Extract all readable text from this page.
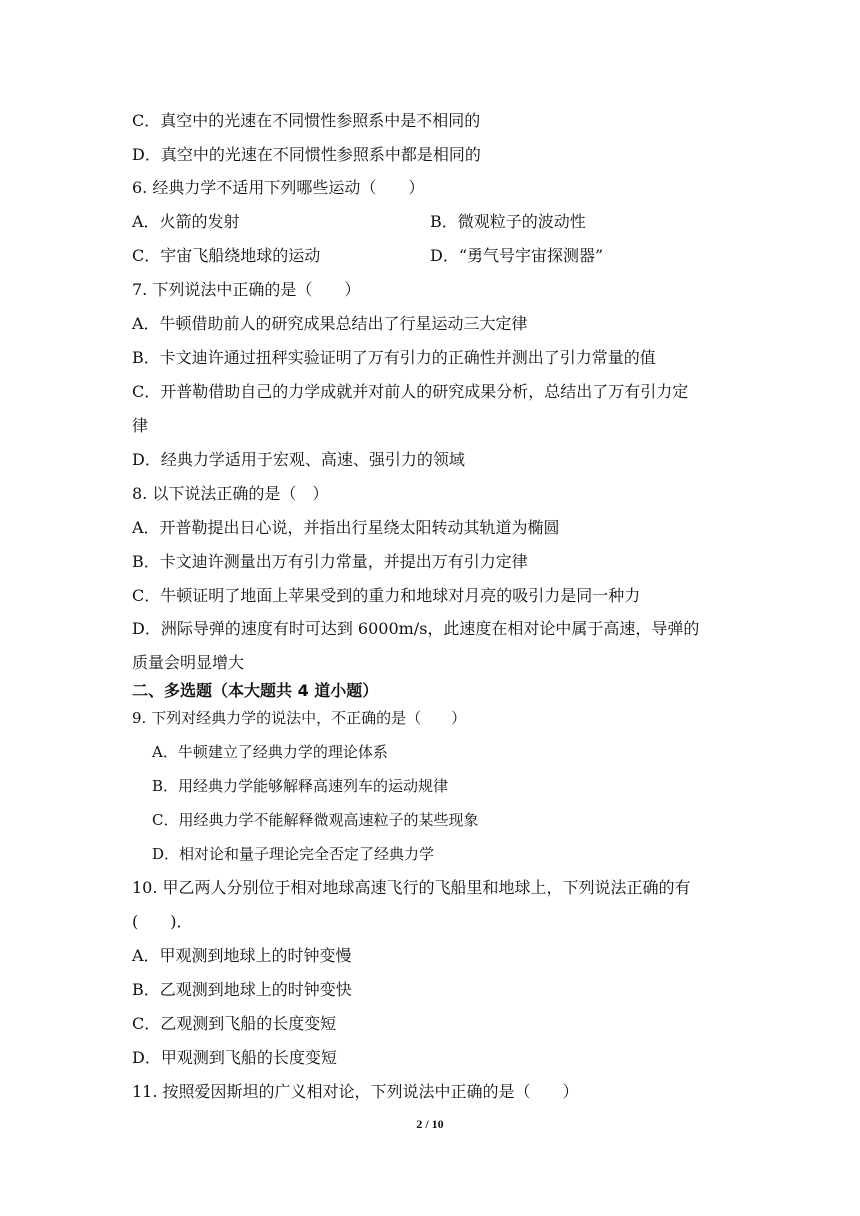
C．真空中的光速在不同惯性参照系中是不相同的
D．真空中的光速在不同惯性参照系中都是相同的
6. 经典力学不适用下列哪些运动（　　）
A．火箭的发射	B．微观粒子的波动性
C．宇宙飞船绕地球的运动	D．“勇气号宇宙探测器”
7. 下列说法中正确的是（　　）
A．牛顿借助前人的研究成果总结出了行星运动三大定律
B．卡文迪许通过扭秤实验证明了万有引力的正确性并测出了引力常量的值
C．开普勒借助自己的力学成就并对前人的研究成果分析，总结出了万有引力定
律
D．经典力学适用于宏观、高速、强引力的领域
8. 以下说法正确的是（　）
A．开普勒提出日心说，并指出行星绕太阳转动其轨道为椭圆
B．卡文迪许测量出万有引力常量，并提出万有引力定律
C．牛顿证明了地面上苹果受到的重力和地球对月亮的吸引力是同一种力
D．洲际导弹的速度有时可达到 6000m/s，此速度在相对论中属于高速，导弹的
质量会明显增大
二、多选题（本大题共 4 道小题）
9. 下列对经典力学的说法中，不正确的是（　　）
A．牛顿建立了经典力学的理论体系
B．用经典力学能够解释高速列车的运动规律
C．用经典力学不能解释微观高速粒子的某些现象
D．相对论和量子理论完全否定了经典力学
10. 甲乙两人分别位于相对地球高速飞行的飞船里和地球上，下列说法正确的有
(　　)．
A．甲观测到地球上的时钟变慢
B．乙观测到地球上的时钟变快
C．乙观测到飞船的长度变短
D．甲观测到飞船的长度变短
11. 按照爱因斯坦的广义相对论，下列说法中正确的是（　　）
2 / 10
